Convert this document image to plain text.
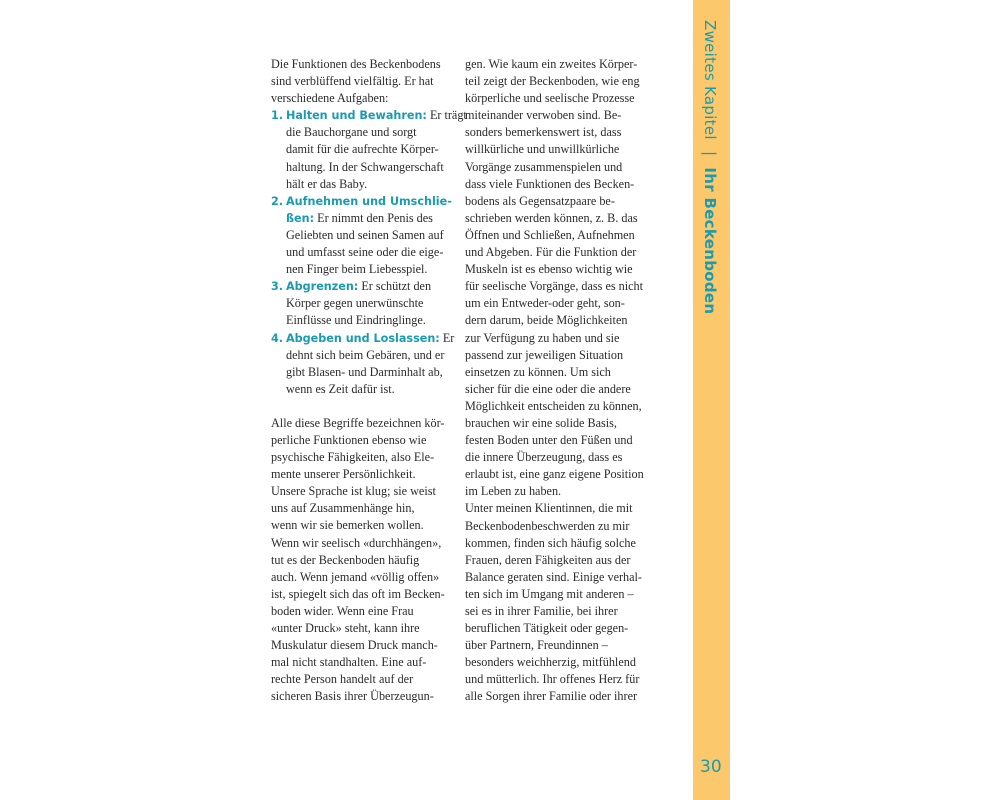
Die Funktionen des Beckenbodens
sind verblüffend vielfältig. Er hat
verschiedene Aufgaben:
1. Halten und Bewahren: Er trägt
die Bauchorgane und sorgt
damit für die aufrechte Körper-
haltung. In der Schwangerschaft
hält er das Baby.
2. Aufnehmen und Umschlie-
ßen: Er nimmt den Penis des
Geliebten und seinen Samen auf
und umfasst seine oder die eige-
nen Finger beim Liebesspiel.
3. Abgrenzen: Er schützt den
Körper gegen unerwünschte
Einflüsse und Eindringlinge.
4. Abgeben und Loslassen: Er
dehnt sich beim Gebären, und er
gibt Blasen- und Darminhalt ab,
wenn es Zeit dafür ist.
Alle diese Begriffe bezeichnen kör-
perliche Funktionen ebenso wie
psychische Fähigkeiten, also Ele-
mente unserer Persönlichkeit.
Unsere Sprache ist klug; sie weist
uns auf Zusammenhänge hin,
wenn wir sie bemerken wollen.
Wenn wir seelisch «durchhängen»,
tut es der Beckenboden häufig
auch. Wenn jemand «völlig offen»
ist, spiegelt sich das oft im Becken-
boden wider. Wenn eine Frau
«unter Druck» steht, kann ihre
Muskulatur diesem Druck manch-
mal nicht standhalten. Eine auf-
rechte Person handelt auf der
sicheren Basis ihrer Überzeugun-
gen. Wie kaum ein zweites Körper-
teil zeigt der Beckenboden, wie eng
körperliche und seelische Prozesse
miteinander verwoben sind. Be-
sonders bemerkenswert ist, dass
willkürliche und unwillkürliche
Vorgänge zusammenspielen und
dass viele Funktionen des Becken-
bodens als Gegensatzpaare be-
schrieben werden können, z. B. das
Öffnen und Schließen, Aufnehmen
und Abgeben. Für die Funktion der
Muskeln ist es ebenso wichtig wie
für seelische Vorgänge, dass es nicht
um ein Entweder-oder geht, son-
dern darum, beide Möglichkeiten
zur Verfügung zu haben und sie
passend zur jeweiligen Situation
einsetzen zu können. Um sich
sicher für die eine oder die andere
Möglichkeit entscheiden zu können,
brauchen wir eine solide Basis,
festen Boden unter den Füßen und
die innere Überzeugung, dass es
erlaubt ist, eine ganz eigene Position
im Leben zu haben.
Unter meinen Klientinnen, die mit
Beckenbodenbeschwerden zu mir
kommen, finden sich häufig solche
Frauen, deren Fähigkeiten aus der
Balance geraten sind. Einige verhal-
ten sich im Umgang mit anderen –
sei es in ihrer Familie, bei ihrer
beruflichen Tätigkeit oder gegen-
über Partnern, Freundinnen –
besonders weichherzig, mitfühlend
und mütterlich. Ihr offenes Herz für
alle Sorgen ihrer Familie oder ihrer
Zweites Kapitel | Ihr Beckenboden
30
